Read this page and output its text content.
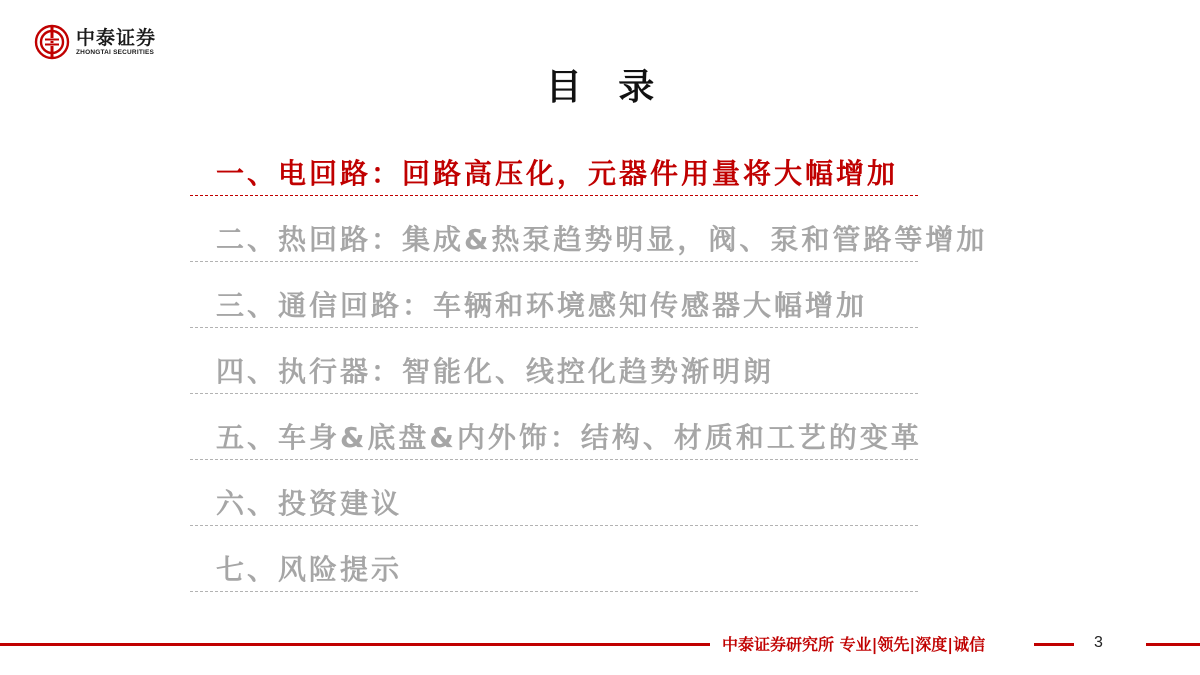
中泰证券
ZHONGTAI SECURITIES
目 录
一、电回路：回路高压化，元器件用量将大幅增加
二、热回路：集成&热泵趋势明显，阀、泵和管路等增加
三、通信回路：车辆和环境感知传感器大幅增加
四、执行器：智能化、线控化趋势渐明朗
五、车身&底盘&内外饰：结构、材质和工艺的变革
六、投资建议
七、风险提示
中泰证券研究所 专业|领先|深度|诚信	3
